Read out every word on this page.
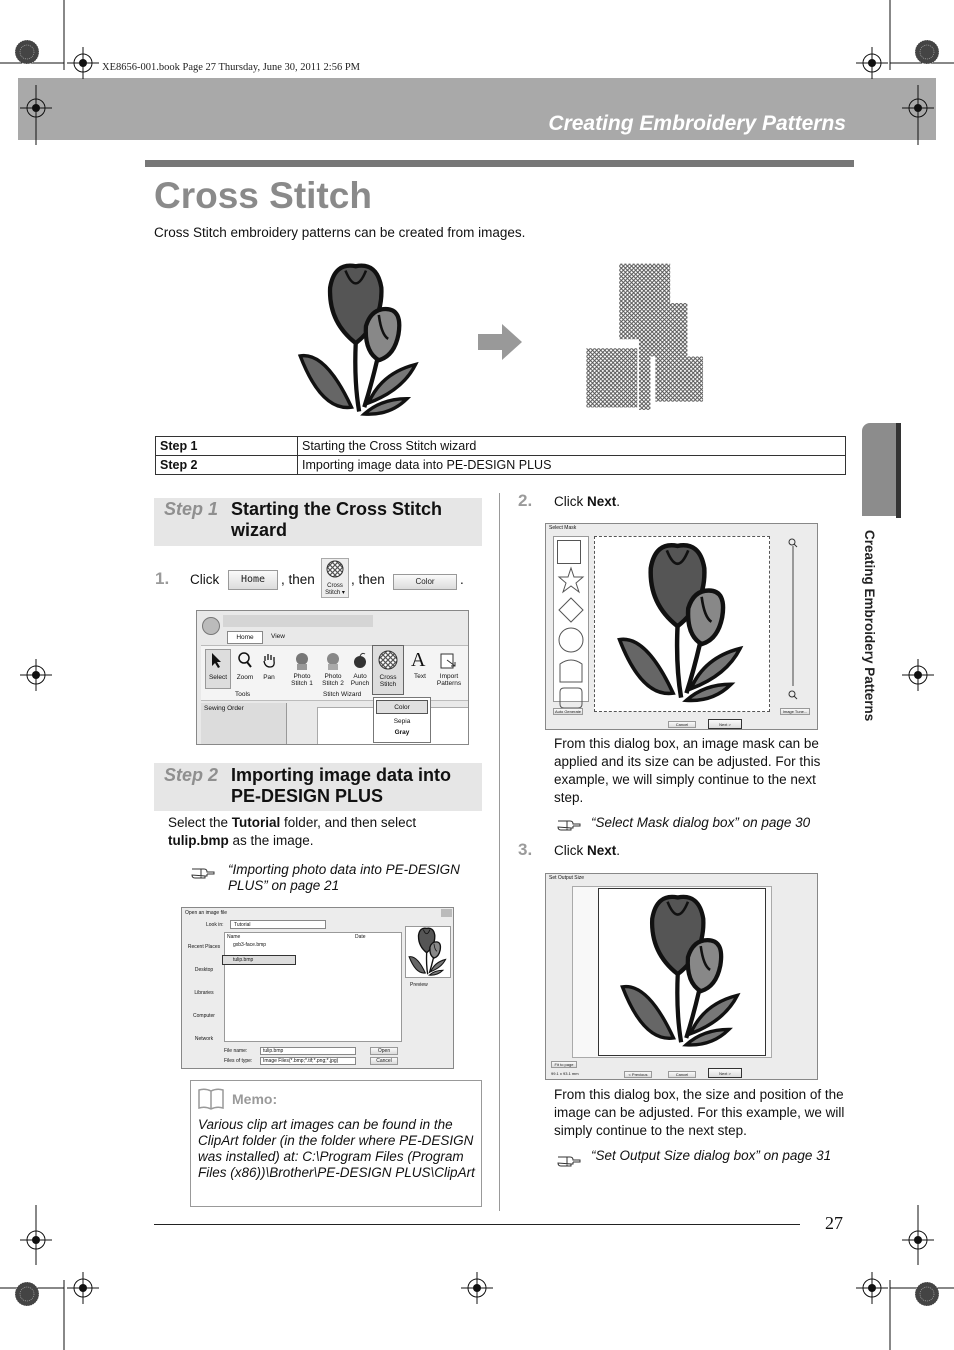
XE8656-001.book Page 27 Thursday, June 30, 2011 2:56 PM
Creating Embroidery Patterns
Cross Stitch
Cross Stitch embroidery patterns can be created from images.
Step 1	Starting the Cross Stitch wizard
Step 2	Importing image data into PE-DESIGN PLUS
Step 1 Starting the Cross Stitch
wizard
1. Click	Home	, then	Cross
Stitch ▾
, then	Color	.
Home	View
Select	Zoom	Pan
Tools
Photo Stitch 1
Photo Stitch 2
Auto Punch
Cross Stitch
Text	Import Patterns
A
Stitch Wizard
Sewing Order	Color
Sepia
Gray
Step 2 Importing image data into
PE-DESIGN PLUS
Select the Tutorial folder, and then select
tulip.bmp as the image.
“Importing photo data into PE-DESIGN PLUS” on page 21
Open an image file
Look in:	Tutorial
Recent Places
Desktop
Libraries
Computer
Network
Name	Date
gxb3-face.bmp
tulip.bmp
Preview
File name:	tulip.bmp
Files of type:	Image Files(*.bmp;*.tif;*.png;*.jpg)
Open
Cancel
Memo:
Various clip art images can be found in the ClipArt folder (in the folder where PE-DESIGN was installed) at: C:\Program Files (Program Files (x86))\Brother\PE-DESIGN PLUS\ClipArt
2. Click Next.
Select Mask

Auto Generate	Image Tune...
Cancel	Next >
From this dialog box, an image mask can be applied and its size can be adjusted. For this example, we will simply continue to the next step.
“Select Mask dialog box” on page 30
3. Click Next.
Set Output Size
Fit to page
99.1 x 93.1 mm	< Previous	Cancel	Next >
From this dialog box, the size and position of the image can be adjusted. For this example, we will simply continue to the next step.
“Set Output Size dialog box” on page 31
Creating Embroidery Patterns
27
